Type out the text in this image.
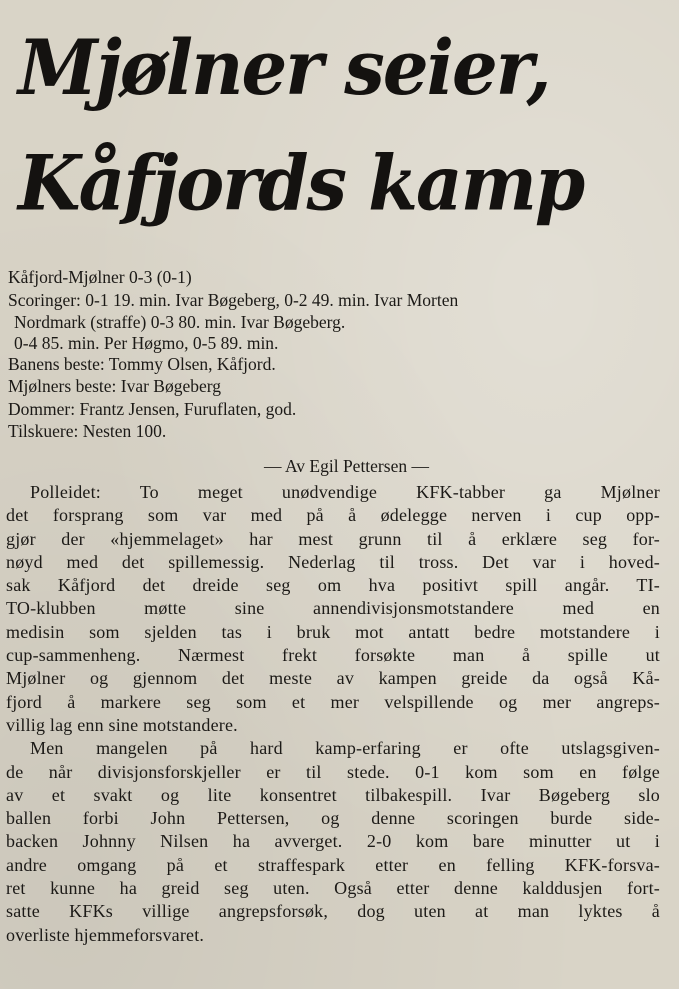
Mjølner seier,
Kåfjords kamp
Kåfjord-Mjølner 0-3 (0-1)
Scoringer: 0-1 19. min. Ivar Bøgeberg, 0-2 49. min. Ivar Morten
Nordmark (straffe) 0-3 80. min. Ivar Bøgeberg.
0-4 85. min. Per Høgmo, 0-5 89. min.
Banens beste: Tommy Olsen, Kåfjord.
Mjølners beste: Ivar Bøgeberg
Dommer: Frantz Jensen, Furuflaten, god.
Tilskuere: Nesten 100.
— Av Egil Pettersen —
Polleidet: To meget unødvendige KFK-tabber ga Mjølner
det forsprang som var med på å ødelegge nerven i cup opp-
gjør der «hjemmelaget» har mest grunn til å erklære seg for-
nøyd med det spillemessig. Nederlag til tross. Det var i hoved-
sak Kåfjord det dreide seg om hva positivt spill angår. TI-
TO-klubben møtte sine annendivisjonsmotstandere med en
medisin som sjelden tas i bruk mot antatt bedre motstandere i
cup-sammenheng. Nærmest frekt forsøkte man å spille ut
Mjølner og gjennom det meste av kampen greide da også Kå-
fjord å markere seg som et mer velspillende og mer angreps-
villig lag enn sine motstandere.
Men mangelen på hard kamp-erfaring er ofte utslagsgiven-
de når divisjonsforskjeller er til stede. 0-1 kom som en følge
av et svakt og lite konsentret tilbakespill. Ivar Bøgeberg slo
ballen forbi John Pettersen, og denne scoringen burde side-
backen Johnny Nilsen ha avverget. 2-0 kom bare minutter ut i
andre omgang på et straffespark etter en felling KFK-forsva-
ret kunne ha greid seg uten. Også etter denne kalddusjen fort-
satte KFKs villige angrepsforsøk, dog uten at man lyktes å
overliste hjemmeforsvaret.
